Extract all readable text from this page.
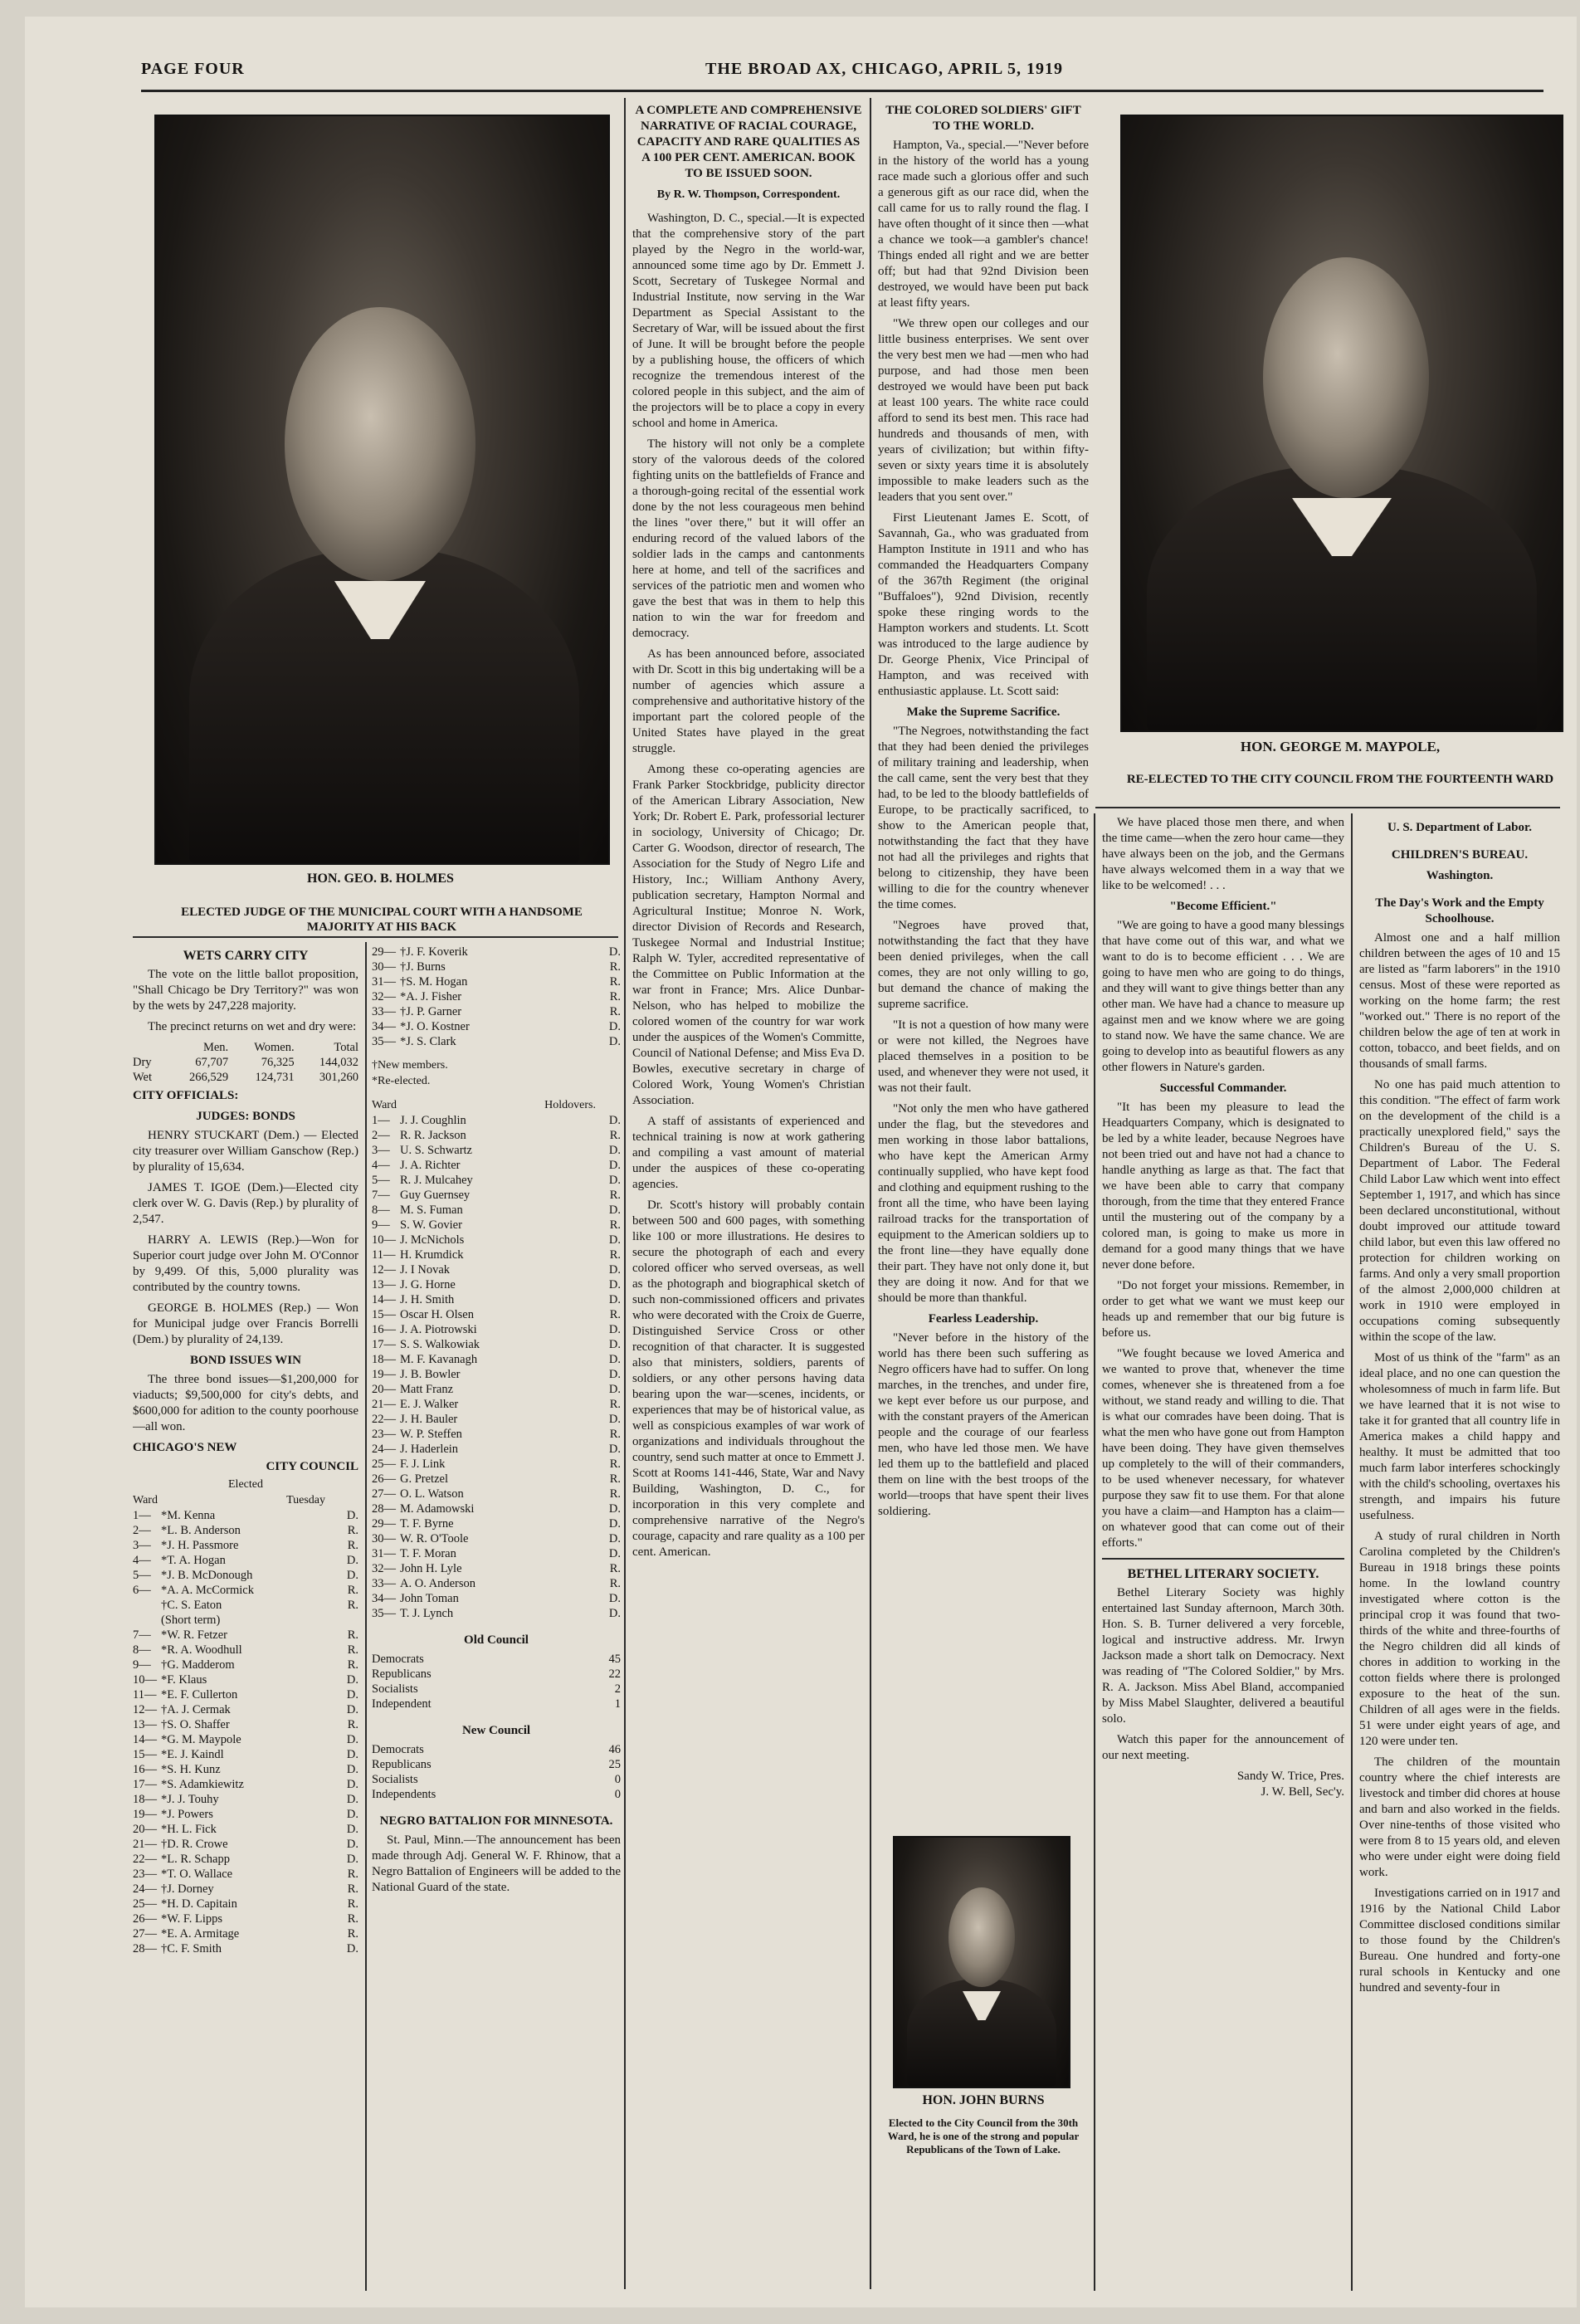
PAGE FOUR	THE BROAD AX, CHICAGO, APRIL 5, 1919
HON. GEO. B. HOLMES
ELECTED JUDGE OF THE MUNICIPAL COURT WITH A HANDSOME MAJORITY AT HIS BACK
HON. GEORGE M. MAYPOLE,
RE-ELECTED TO THE CITY COUNCIL FROM THE FOURTEENTH WARD
WETS CARRY CITY

The vote on the little ballot proposition, "Shall Chicago be Dry Territory?" was won by the wets by 247,228 majority.

The precinct returns on wet and dry were:

	Men.	Women.	Total
Dry	67,707	76,325	144,032
Wet	266,529	124,731	301,260
CITY OFFICIALS:
JUDGES: BONDS

HENRY STUCKART (Dem.) — Elected city treasurer over William Ganschow (Rep.) by plurality of 15,634.

JAMES T. IGOE (Dem.)—Elected city clerk over W. G. Davis (Rep.) by plurality of 2,547.

HARRY A. LEWIS (Rep.)—Won for Superior court judge over John M. O'Connor by 9,499. Of this, 5,000 plurality was contributed by the country towns.

GEORGE B. HOLMES (Rep.) — Won for Municipal judge over Francis Borrelli (Dem.) by plurality of 24,139.

BOND ISSUES WIN

The three bond issues—$1,200,000 for viaducts; $9,500,000 for city's debts, and $600,000 for adition to the county poorhouse—all won.

CHICAGO'S NEW
CITY COUNCIL
Elected
Ward	Tuesday
1—	*M. Kenna	D.
2—	*L. B. Anderson	R.
3—	*J. H. Passmore	R.
4—	*T. A. Hogan	D.
5—	*J. B. McDonough	D.
6—	*A. A. McCormick	R.
	†C. S. Eaton	R.
	(Short term)	
7—	*W. R. Fetzer	R.
8—	*R. A. Woodhull	R.
9—	†G. Madderom	R.
10—	*F. Klaus	D.
11—	*E. F. Cullerton	D.
12—	†A. J. Cermak	D.
13—	†S. O. Shaffer	R.
14—	*G. M. Maypole	D.
15—	*E. J. Kaindl	D.
16—	*S. H. Kunz	D.
17—	*S. Adamkiewitz	D.
18—	*J. J. Touhy	D.
19—	*J. Powers	D.
20—	*H. L. Fick	D.
21—	†D. R. Crowe	D.
22—	*L. R. Schapp	D.
23—	*T. O. Wallace	R.
24—	†J. Dorney	R.
25—	*H. D. Capitain	R.
26—	*W. F. Lipps	R.
27—	*E. A. Armitage	R.
28—	†C. F. Smith	D.
29—	†J. F. Koverik	D.
30—	†J. Burns	R.
31—	†S. M. Hogan	R.
32—	*A. J. Fisher	R.
33—	†J. P. Garner	R.
34—	*J. O. Kostner	D.
35—	*J. S. Clark	D.
†New members.
*Re-elected.
Ward	Holdovers.
1—	J. J. Coughlin	D.
2—	R. R. Jackson	R.
3—	U. S. Schwartz	D.
4—	J. A. Richter	D.
5—	R. J. Mulcahey	D.
7—	Guy Guernsey	R.
8—	M. S. Fuman	D.
9—	S. W. Govier	R.
10—	J. McNichols	D.
11—	H. Krumdick	R.
12—	J. I Novak	D.
13—	J. G. Horne	D.
14—	J. H. Smith	D.
15—	Oscar H. Olsen	R.
16—	J. A. Piotrowski	D.
17—	S. S. Walkowiak	D.
18—	M. F. Kavanagh	D.
19—	J. B. Bowler	D.
20—	Matt Franz	D.
21—	E. J. Walker	R.
22—	J. H. Bauler	D.
23—	W. P. Steffen	R.
24—	J. Haderlein	D.
25—	F. J. Link	R.
26—	G. Pretzel	R.
27—	O. L. Watson	R.
28—	M. Adamowski	D.
29—	T. F. Byrne	D.
30—	W. R. O'Toole	D.
31—	T. F. Moran	D.
32—	John H. Lyle	R.
33—	A. O. Anderson	R.
34—	John Toman	D.
35—	T. J. Lynch	D.
Old Council
Democrats	45
Republicans	22
Socialists	2
Independent	1
New Council
Democrats	46
Republicans	25
Socialists	0
Independents	0
NEGRO BATTALION FOR MINNESOTA.

St. Paul, Minn.—The announcement has been made through Adj. General W. F. Rhinow, that a Negro Battalion of Engineers will be added to the National Guard of the state.

A COMPLETE AND COMPREHENSIVE NARRATIVE OF RACIAL COURAGE, CAPACITY AND RARE QUALITIES AS A 100 PER CENT. AMERICAN. BOOK TO BE ISSUED SOON.
By R. W. Thompson, Correspondent.

Washington, D. C., special.—It is expected that the comprehensive story of the part played by the Negro in the world-war, announced some time ago by Dr. Emmett J. Scott, Secretary of Tuskegee Normal and Industrial Institute, now serving in the War Department as Special Assistant to the Secretary of War, will be issued about the first of June. It will be brought before the people by a publishing house, the officers of which recognize the tremendous interest of the colored people in this subject, and the aim of the projectors will be to place a copy in every school and home in America.

The history will not only be a complete story of the valorous deeds of the colored fighting units on the battlefields of France and a thorough-going recital of the essential work done by the not less courageous men behind the lines "over there," but it will offer an enduring record of the valued labors of the soldier lads in the camps and cantonments here at home, and tell of the sacrifices and services of the patriotic men and women who gave the best that was in them to help this nation to win the war for freedom and democracy.

As has been announced before, associated with Dr. Scott in this big undertaking will be a number of agencies which assure a comprehensive and authoritative history of the important part the colored people of the United States have played in the great struggle.

Among these co-operating agencies are Frank Parker Stockbridge, publicity director of the American Library Association, New York; Dr. Robert E. Park, professorial lecturer in sociology, University of Chicago; Dr. Carter G. Woodson, director of research, The Association for the Study of Negro Life and History, Inc.; William Anthony Avery, publication secretary, Hampton Normal and Agricultural Institue; Monroe N. Work, director Division of Records and Research, Tuskegee Normal and Industrial Institue; Ralph W. Tyler, accredited representative of the Committee on Public Information at the war front in France; Mrs. Alice Dunbar-Nelson, who has helped to mobilize the colored women of the country for war work under the auspices of the Women's Committe, Council of National Defense; and Miss Eva D. Bowles, executive secretary in charge of Colored Work, Young Women's Christian Association.

A staff of assistants of experienced and technical training is now at work gathering and compiling a vast amount of material under the auspices of these co-operating agencies.

Dr. Scott's history will probably contain between 500 and 600 pages, with something like 100 or more illustrations. He desires to secure the photograph of each and every colored officer who served overseas, as well as the photograph and biographical sketch of such non-commissioned officers and privates who were decorated with the Croix de Guerre, Distinguished Service Cross or other recognition of that character. It is suggested also that ministers, soldiers, parents of soldiers, or any other persons having data bearing upon the war—scenes, incidents, or experiences that may be of historical value, as well as conspicious examples of war work of organizations and individuals throughout the country, send such matter at once to Emmett J. Scott at Rooms 141-446, State, War and Navy Building, Washington, D. C., for incorporation in this very complete and comprehensive narrative of the Negro's courage, capacity and rare quality as a 100 per cent. American.

THE COLORED SOLDIERS' GIFT TO THE WORLD.

Hampton, Va., special.—"Never before in the history of the world has a young race made such a glorious offer and such a generous gift as our race did, when the call came for us to rally round the flag. I have often thought of it since then —what a chance we took—a gambler's chance! Things ended all right and we are better off; but had that 92nd Division been destroyed, we would have been put back at least fifty years.

"We threw open our colleges and our little business enterprises. We sent over the very best men we had —men who had purpose, and had those men been destroyed we would have been put back at least 100 years. The white race could afford to send its best men. This race had hundreds and thousands of men, with years of civilization; but within fifty-seven or sixty years time it is absolutely impossible to make leaders such as the leaders that you sent over."

First Lieutenant James E. Scott, of Savannah, Ga., who was graduated from Hampton Institute in 1911 and who has commanded the Headquarters Company of the 367th Regiment (the original "Buffaloes"), 92nd Division, recently spoke these ringing words to the Hampton workers and students. Lt. Scott was introduced to the large audience by Dr. George Phenix, Vice Principal of Hampton, and was received with enthusiastic applause. Lt. Scott said:

Make the Supreme Sacrifice.

"The Negroes, notwithstanding the fact that they had been denied the privileges of military training and leadership, when the call came, sent the very best that they had, to be led to the bloody battlefields of Europe, to be practically sacrificed, to show to the American people that, notwithstanding the fact that they have not had all the privileges and rights that belong to citizenship, they have been willing to die for the country whenever the time comes.

"Negroes have proved that, notwithstanding the fact that they have been denied privileges, when the call comes, they are not only willing to go, but demand the chance of making the supreme sacrifice.

"It is not a question of how many were or were not killed, the Negroes have placed themselves in a position to be used, and whenever they were not used, it was not their fault.

"Not only the men who have gathered under the flag, but the stevedores and men working in those labor battalions, who have kept the American Army continually supplied, who have kept food and clothing and equipment rushing to the front all the time, who have been laying railroad tracks for the transportation of equipment to the American soldiers up to the front line—they have equally done their part. They have not only done it, but they are doing it now. And for that we should be more than thankful.

Fearless Leadership.

"Never before in the history of the world has there been such suffering as Negro officers have had to suffer. On long marches, in the trenches, and under fire, we kept ever before us our purpose, and with the constant prayers of the American people and the courage of our fearless men, who have led those men. We have led them up to the battlefield and placed them on line with the best troops of the world—troops that have spent their lives soldiering.

HON. JOHN BURNS
Elected to the City Council from the 30th Ward, he is one of the strong and popular Republicans of the Town of Lake.

We have placed those men there, and when the time came—when the zero hour came—they have always been on the job, and the Germans have always welcomed them in a way that we like to be welcomed! . . .

"Become Efficient."

"We are going to have a good many blessings that have come out of this war, and what we want to do is to become efficient . . . We are going to have men who are going to do things, and they will want to give things better than any other man. We have had a chance to measure up against men and we know where we are going to stand now. We have the same chance. We are going to develop into as beautiful flowers as any other flowers in Nature's garden.

Successful Commander.

"It has been my pleasure to lead the Headquarters Company, which is designated to be led by a white leader, because Negroes have not been tried out and have not had a chance to handle anything as large as that. The fact that we have been able to carry that company thorough, from the time that they entered France until the mustering out of the company by a colored man, is going to make us more in demand for a good many things that we have never done before.

"Do not forget your missions. Remember, in order to get what we want we must keep our heads up and remember that our big future is before us.

"We fought because we loved America and we wanted to prove that, whenever the time comes, whenever she is threatened from a foe without, we stand ready and willing to die. That is what our comrades have been doing. That is what the men who have gone out from Hampton have been doing. They have given themselves up completely to the will of their commanders, to be used whenever necessary, for whatever purpose they saw fit to use them. For that alone you have a claim—and Hampton has a claim—on whatever good that can come out of their efforts."

BETHEL LITERARY SOCIETY.

Bethel Literary Society was highly entertained last Sunday afternoon, March 30th. Hon. S. B. Turner delivered a very forceble, logical and instructive address. Mr. Irwyn Jackson made a short talk on Democracy. Next was reading of "The Colored Soldier," by Mrs. R. A. Jackson. Miss Abel Bland, accompanied by Miss Mabel Slaughter, delivered a beautiful solo.

Watch this paper for the announcement of our next meeting.

Sandy W. Trice, Pres.
J. W. Bell, Sec'y.
U. S. Department of Labor.
CHILDREN'S BUREAU.
Washington.
The Day's Work and the Empty Schoolhouse.

Almost one and a half million children between the ages of 10 and 15 are listed as "farm laborers" in the 1910 census. Most of these were reported as working on the home farm; the rest "worked out." There is no report of the children below the age of ten at work in cotton, tobacco, and beet fields, and on thousands of small farms.

No one has paid much attention to this condition. "The effect of farm work on the development of the child is a practically unexplored field," says the Children's Bureau of the U. S. Department of Labor. The Federal Child Labor Law which went into effect September 1, 1917, and which has since been declared unconstitutional, without doubt improved our attitude toward child labor, but even this law offered no protection for children working on farms. And only a very small proportion of the almost 2,000,000 children at work in 1910 were employed in occupations coming subsequently within the scope of the law.

Most of us think of the "farm" as an ideal place, and no one can question the wholesomness of much in farm life. But we have learned that it is not wise to take it for granted that all country life in America makes a child happy and healthy. It must be admitted that too much farm labor interferes schockingly with the child's schooling, overtaxes his strength, and impairs his future usefulness.

A study of rural children in North Carolina completed by the Children's Bureau in 1918 brings these points home. In the lowland country investigated where cotton is the principal crop it was found that two-thirds of the white and three-fourths of the Negro children did all kinds of chores in addition to working in the cotton fields where there is prolonged exposure to the heat of the sun. Children of all ages were in the fields. 51 were under eight years of age, and 120 were under ten.

The children of the mountain country where the chief interests are livestock and timber did chores at house and barn and also worked in the fields. Over nine-tenths of those visited who were from 8 to 15 years old, and eleven who were under eight were doing field work.

Investigations carried on in 1917 and 1916 by the National Child Labor Committee disclosed conditions similar to those found by the Children's Bureau. One hundred and forty-one rural schools in Kentucky and one hundred and seventy-four in
